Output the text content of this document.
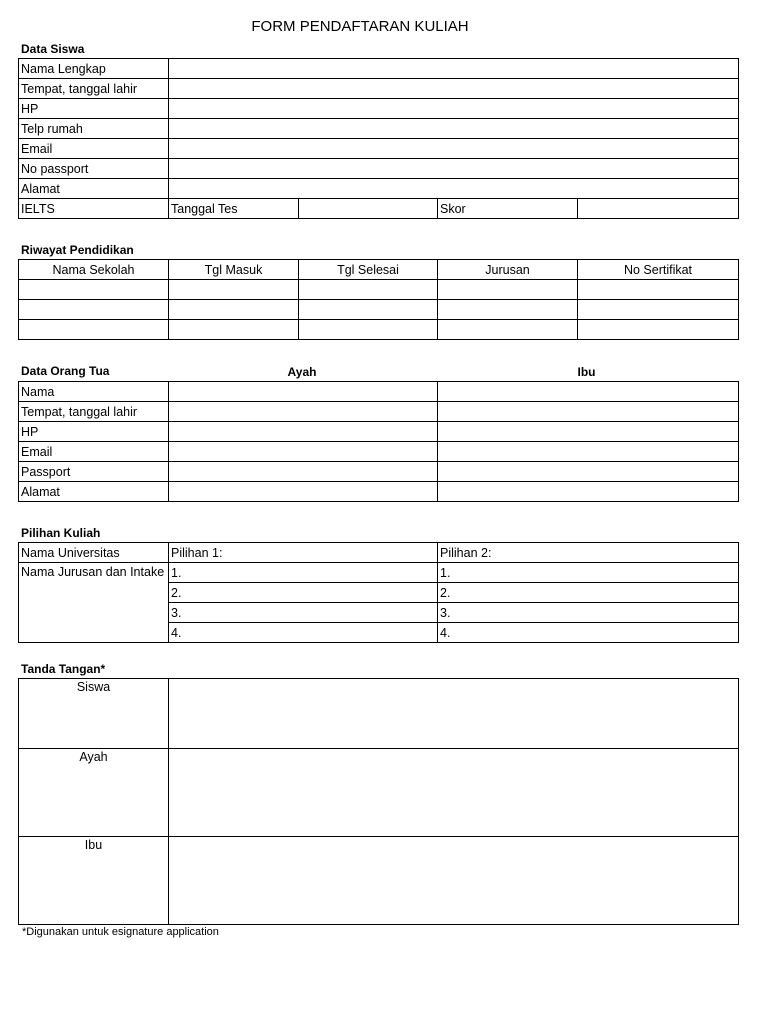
FORM PENDAFTARAN KULIAH
Data Siswa
Nama Lengkap				
Tempat, tanggal lahir				
HP				
Telp rumah				
Email				
No passport				
Alamat				
IELTS	Tanggal Tes		Skor	
Riwayat Pendidikan
Nama Sekolah	Tgl Masuk	Tgl Selesai	Jurusan	No Sertifikat

Data Orang Tua	Ayah	Ibu
Nama		
Tempat, tanggal lahir		
HP		
Email		
Passport		
Alamat		
Pilihan Kuliah
Nama Universitas	Pilihan 1:	Pilihan 2:
Nama Jurusan dan Intake	1.	1.
	2.	2.
	3.	3.
	4.	4.
Tanda Tangan*
Siswa	
Ayah	
Ibu	
*Digunakan untuk esignature application
